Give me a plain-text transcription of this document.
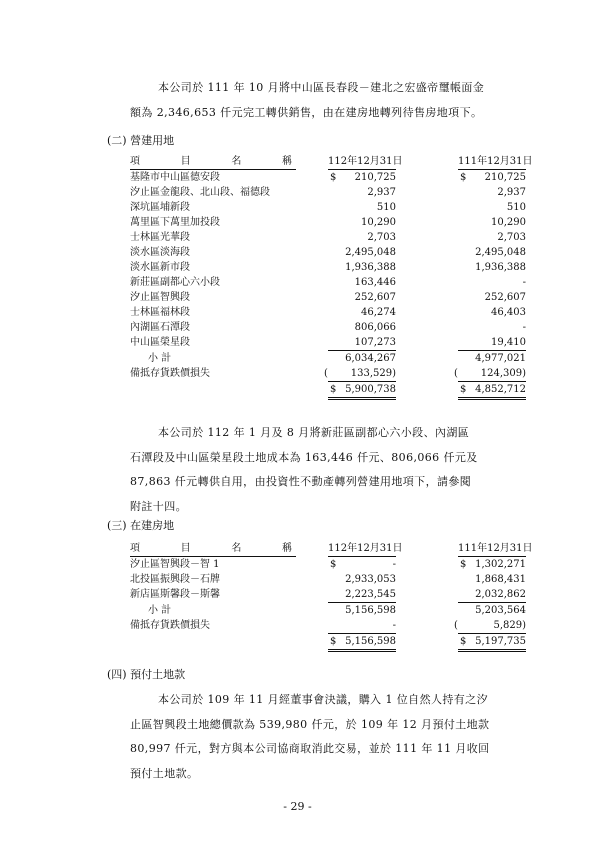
本公司於 111 年 10 月將中山區長春段－建北之宏盛帝璽帳面金
額為 2,346,653 仟元完工轉供銷售，由在建房地轉列待售房地項下。
(二) 營建用地
項 目 名 稱		112年12月31日		111年12月31日
基隆市中山區德安段		$ 210,725		$ 210,725
汐止區金龍段、北山段、福德段		2,937		2,937
深坑區埔新段		510		510
萬里區下萬里加投段		10,290		10,290
士林區光華段		2,703		2,703
淡水區淡海段		2,495,048		2,495,048
淡水區新市段		1,936,388		1,936,388
新莊區副都心六小段		163,446		-
汐止區智興段		252,607		252,607
士林區福林段		46,274		46,403
內湖區石潭段		806,066		-
中山區榮星段		107,273		19,410
小 計		6,034,267		4,977,021
備抵存貨跌價損失		( 133,529)		( 124,309)

		$ 5,900,738		$ 4,852,712
本公司於 112 年 1 月及 8 月將新莊區副都心六小段、內湖區
石潭段及中山區榮星段土地成本為 163,446 仟元、806,066 仟元及
87,863 仟元轉供自用，由投資性不動產轉列營建用地項下，請參閱
附註十四。
(三) 在建房地
項 目 名 稱		112年12月31日		111年12月31日
汐止區智興段－智 1		$ -		$ 1,302,271
北投區振興段－石牌		2,933,053		1,868,431
新店區斯馨段－斯馨		2,223,545		2,032,862
小 計		5,156,598		5,203,564
備抵存貨跌價損失		-		( 5,829)

		$ 5,156,598		$ 5,197,735
(四) 預付土地款
本公司於 109 年 11 月經董事會決議，購入 1 位自然人持有之汐
止區智興段土地總價款為 539,980 仟元，於 109 年 12 月預付土地款
80,997 仟元，對方與本公司協商取消此交易，並於 111 年 11 月收回
預付土地款。
- 29 -
